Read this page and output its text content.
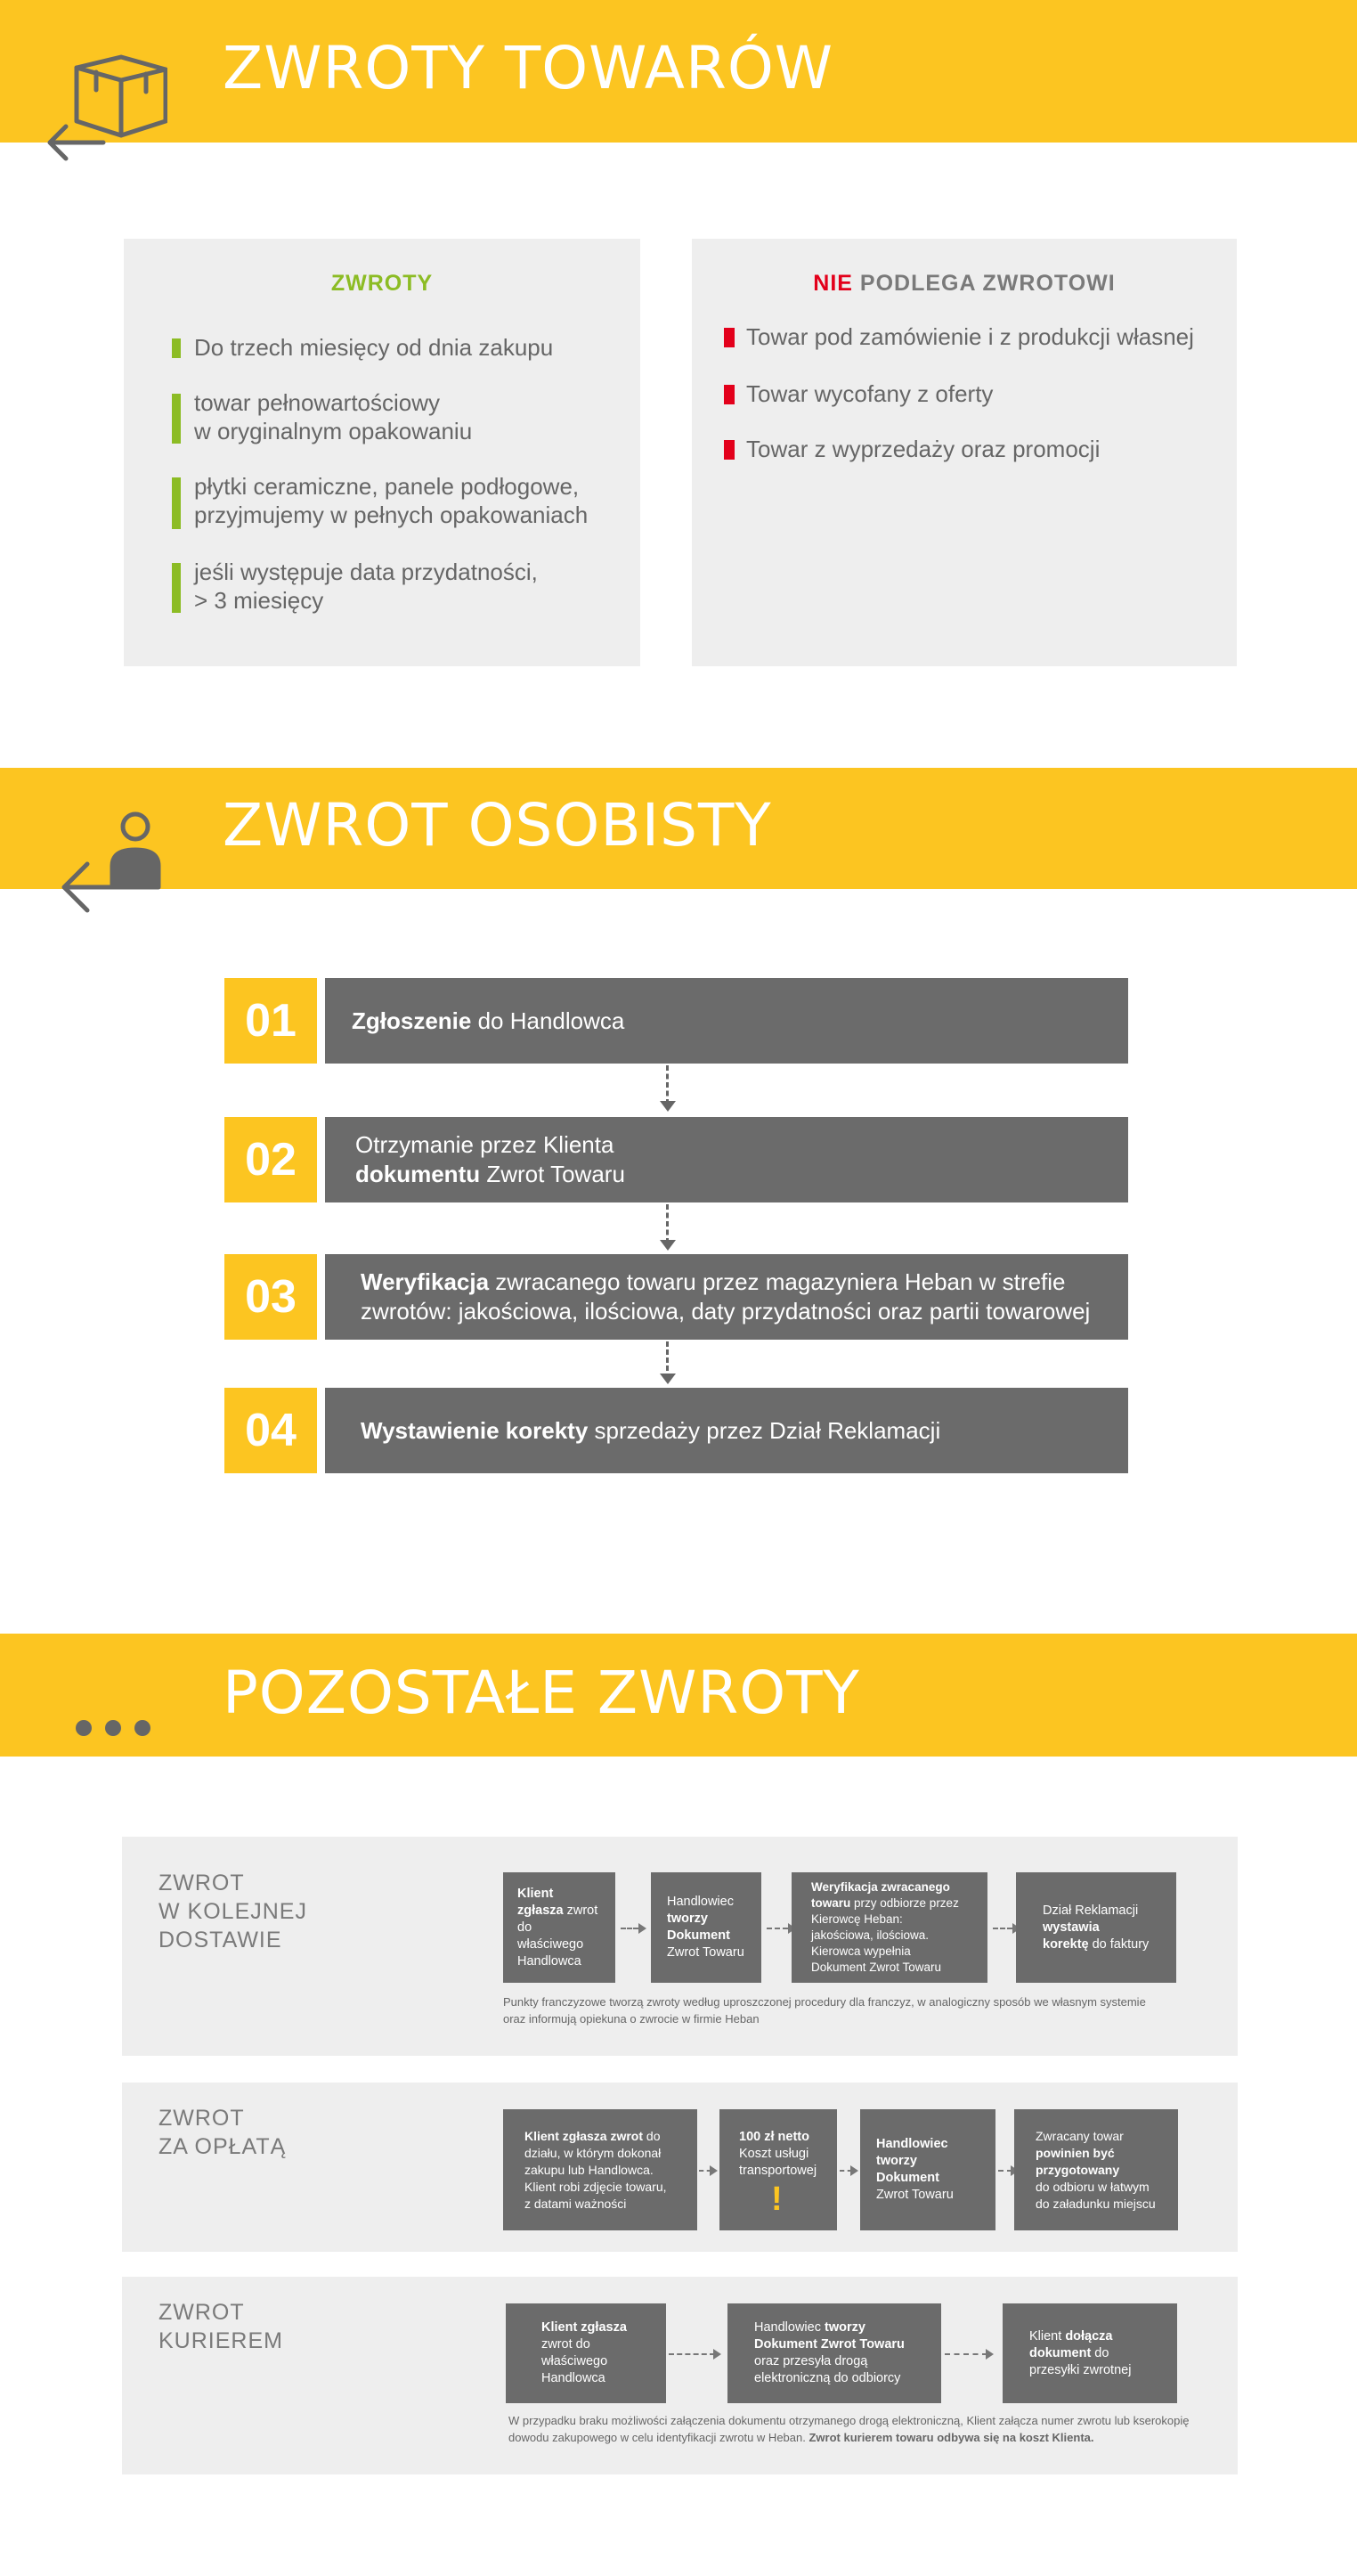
ZWROTY TOWARÓW
ZWROTY
Do trzech miesięcy od dnia zakupu
towar pełnowartościowy
w oryginalnym opakowaniu
płytki ceramiczne, panele podłogowe,
przyjmujemy w pełnych opakowaniach
jeśli występuje data przydatności,
> 3 miesięcy
NIE PODLEGA ZWROTOWI
Towar pod zamówienie i z produkcji własnej
Towar wycofany z oferty
Towar z wyprzedaży oraz promocji
ZWROT OSOBISTY
01	Zgłoszenie do Handlowca
02	Otrzymanie przez Klienta
dokumentu Zwrot Towaru
03	Weryfikacja zwracanego towaru przez magazyniera Heban w strefie
zwrotów: jakościowa, ilościowa, daty przydatności oraz partii towarowej
04	Wystawienie korekty sprzedaży przez Dział Reklamacji
POZOSTAŁE ZWROTY
ZWROT
W KOLEJNEJ
DOSTAWIE
Klient
zgłasza zwrot
do właściwego
Handlowca
Handlowiec
tworzy Dokument
Zwrot Towaru
Weryfikacja zwracanego towaru przy odbiorze przez Kierowcę Heban: jakościowa, ilościowa. Kierowca wypełnia Dokument Zwrot Towaru
Dział Reklamacji
wystawia
korektę do faktury
Punkty franczyzowe tworzą zwroty według uproszczonej procedury dla franczyz, w analogiczny sposób we własnym systemie
oraz informują opiekuna o zwrocie w firmie Heban
ZWROT
ZA OPŁATĄ	Klient zgłasza zwrot do działu, w którym dokonał zakupu lub Handlowca. Klient robi zdjęcie towaru, z datami ważności
100 zł netto
Koszt usługi
transportowej
!
Handlowiec tworzy Dokument
Zwrot Towaru
Zwracany towar
powinien być przygotowany
do odbioru w łatwym do załadunku miejscu
ZWROT
KURIEREM
Klient zgłasza zwrot do właściwego Handlowca
Handlowiec tworzy Dokument Zwrot Towaru oraz przesyła drogą elektroniczną do odbiorcy
Klient dołącza dokument do przesyłki zwrotnej
W przypadku braku możliwości załączenia dokumentu otrzymanego drogą elektroniczną, Klient załącza numer zwrotu lub kserokopię
dowodu zakupowego w celu identyfikacji zwrotu w Heban. Zwrot kurierem towaru odbywa się na koszt Klienta.
